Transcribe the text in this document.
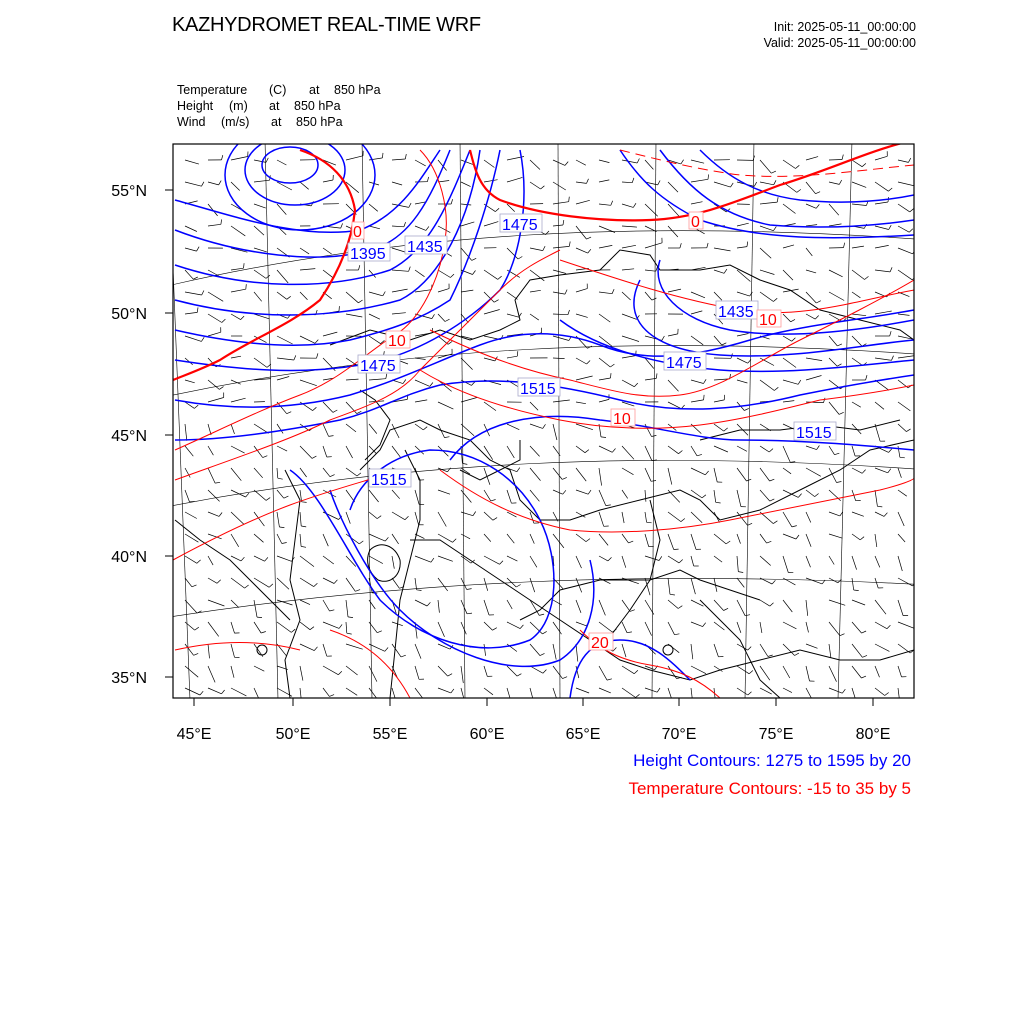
KAZHYDROMET REAL-TIME WRF	Init: 2025-05-11_00:00:00
Valid: 2025-05-11_00:00:00
Temperature (C) at 850 hPa
Height (m) at 850 hPa
Wind (m/s) at 850 hPa
1395 1435
1475
1435
1475	1475
1515
1515
1515
0
0
10
10
10
20
55°N
50°N
45°N
40°N
35°N
45°E	50°E	55°E	60°E	65°E	70°E	75°E	80°E
Height Contours: 1275 to 1595 by 20
Temperature Contours: -15 to 35 by 5
